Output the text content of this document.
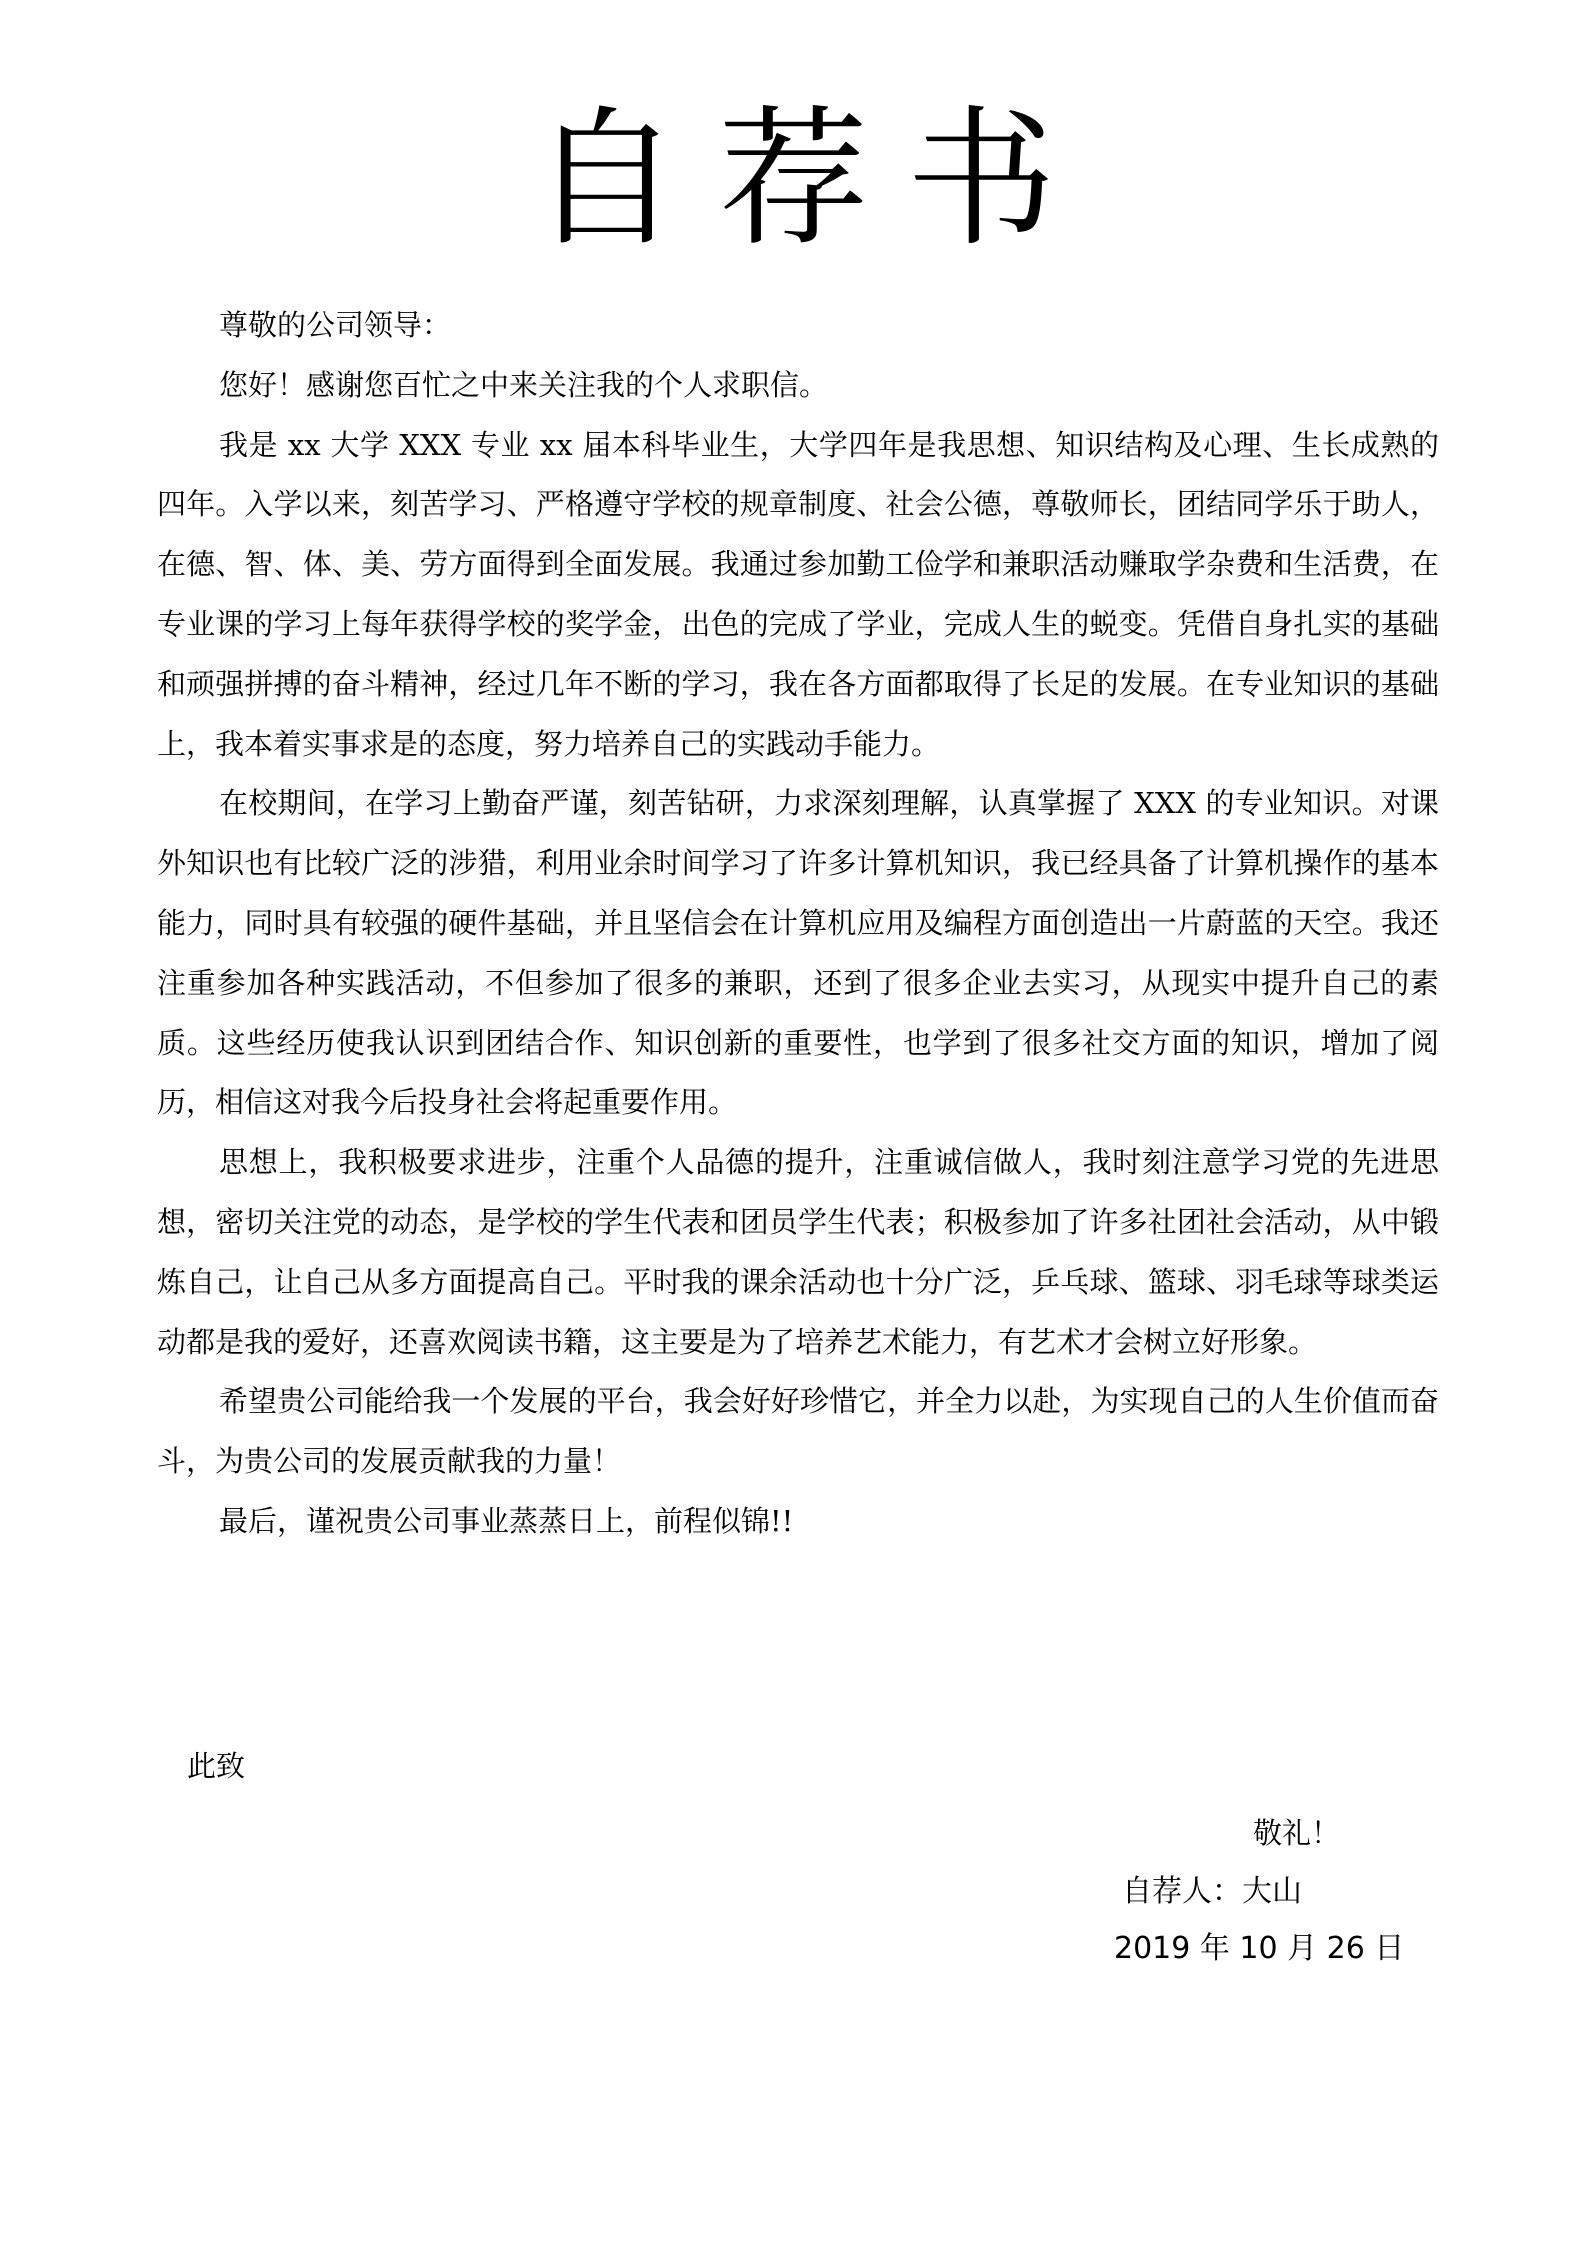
自荐书

尊敬的公司领导：

您好！感谢您百忙之中来关注我的个人求职信。

我是 xx 大学 XXX 专业 xx 届本科毕业生，大学四年是我思想、知识结构及心理、生长成熟的四年。入学以来，刻苦学习、严格遵守学校的规章制度、社会公德，尊敬师长，团结同学乐于助人，在德、智、体、美、劳方面得到全面发展。我通过参加勤工俭学和兼职活动赚取学杂费和生活费，在专业课的学习上每年获得学校的奖学金，出色的完成了学业，完成人生的蜕变。凭借自身扎实的基础和顽强拼搏的奋斗精神，经过几年不断的学习，我在各方面都取得了长足的发展。在专业知识的基础上，我本着实事求是的态度，努力培养自己的实践动手能力。

在校期间，在学习上勤奋严谨，刻苦钻研，力求深刻理解，认真掌握了 XXX 的专业知识。对课外知识也有比较广泛的涉猎，利用业余时间学习了许多计算机知识，我已经具备了计算机操作的基本能力，同时具有较强的硬件基础，并且坚信会在计算机应用及编程方面创造出一片蔚蓝的天空。我还注重参加各种实践活动，不但参加了很多的兼职，还到了很多企业去实习，从现实中提升自己的素质。这些经历使我认识到团结合作、知识创新的重要性，也学到了很多社交方面的知识，增加了阅历，相信这对我今后投身社会将起重要作用。

思想上，我积极要求进步，注重个人品德的提升，注重诚信做人，我时刻注意学习党的先进思想，密切关注党的动态，是学校的学生代表和团员学生代表；积极参加了许多社团社会活动，从中锻炼自己，让自己从多方面提高自己。平时我的课余活动也十分广泛，乒乓球、篮球、羽毛球等球类运动都是我的爱好，还喜欢阅读书籍，这主要是为了培养艺术能力，有艺术才会树立好形象。

希望贵公司能给我一个发展的平台，我会好好珍惜它，并全力以赴，为实现自己的人生价值而奋斗，为贵公司的发展贡献我的力量！

最后，谨祝贵公司事业蒸蒸日上，前程似锦!!

此致
敬礼！
自荐人：大山
2019 年 10 月 26 日
